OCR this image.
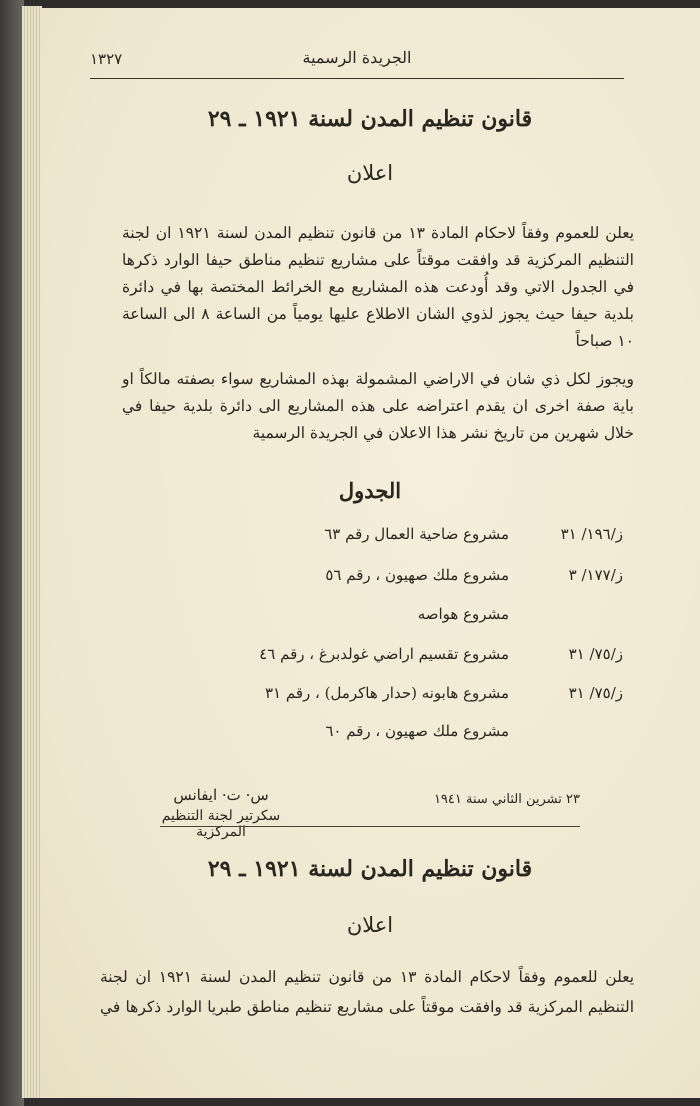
الجريدة الرسمية
١٣٢٧
قانون تنظيم المدن لسنة ١٩٢١ ـ ٢٩
اعلان
يعلن للعموم وفقاً لاحكام المادة ١٣ من قانون تنظيم المدن لسنة ١٩٢١ ان لجنة التنظيم المركزية قد وافقت موقتاً على مشاريع تنظيم مناطق حيفا الوارد ذكرها في الجدول الاتي وقد أُودعت هذه المشاريع مع الخرائط المختصة بها في دائرة بلدية حيفا حيث يجوز لذوي الشان الاطلاع عليها يومياً من الساعة ٨ الى الساعة ١٠ صباحاً
ويجوز لكل ذي شان في الاراضي المشمولة بهذه المشاريع سواء بصفته مالكاً او باية صفة اخرى ان يقدم اعتراضه على هذه المشاريع الى دائرة بلدية حيفا في خلال شهرين من تاريخ نشر هذا الاعلان في الجريدة الرسمية
الجدول
ز/١٩٦/ ٣١مشروع ضاحية العمال رقم ٦٣
ز/١٧٧/ ٣مشروع ملك صهيون ، رقم ٥٦
مشروع هواصه
ز/٧٥/ ٣١مشروع تقسيم اراضي غولدبرغ ، رقم ٤٦
ز/٧٥/ ٣١مشروع هابونه (حدار هاكرمل) ، رقم ٣١
مشروع ملك صهيون ، رقم ٦٠
س· ت· ايفانس
سكرتير لجنة التنظيم المركزية
٢٣ تشرين الثاني سنة ١٩٤١
قانون تنظيم المدن لسنة ١٩٢١ ـ ٢٩
اعلان
يعلن للعموم وفقاً لاحكام المادة ١٣ من قانون تنظيم المدن لسنة ١٩٢١ ان لجنة التنظيم المركزية قد وافقت موقتاً على مشاريع تنظيم مناطق طبريا الوارد ذكرها في
